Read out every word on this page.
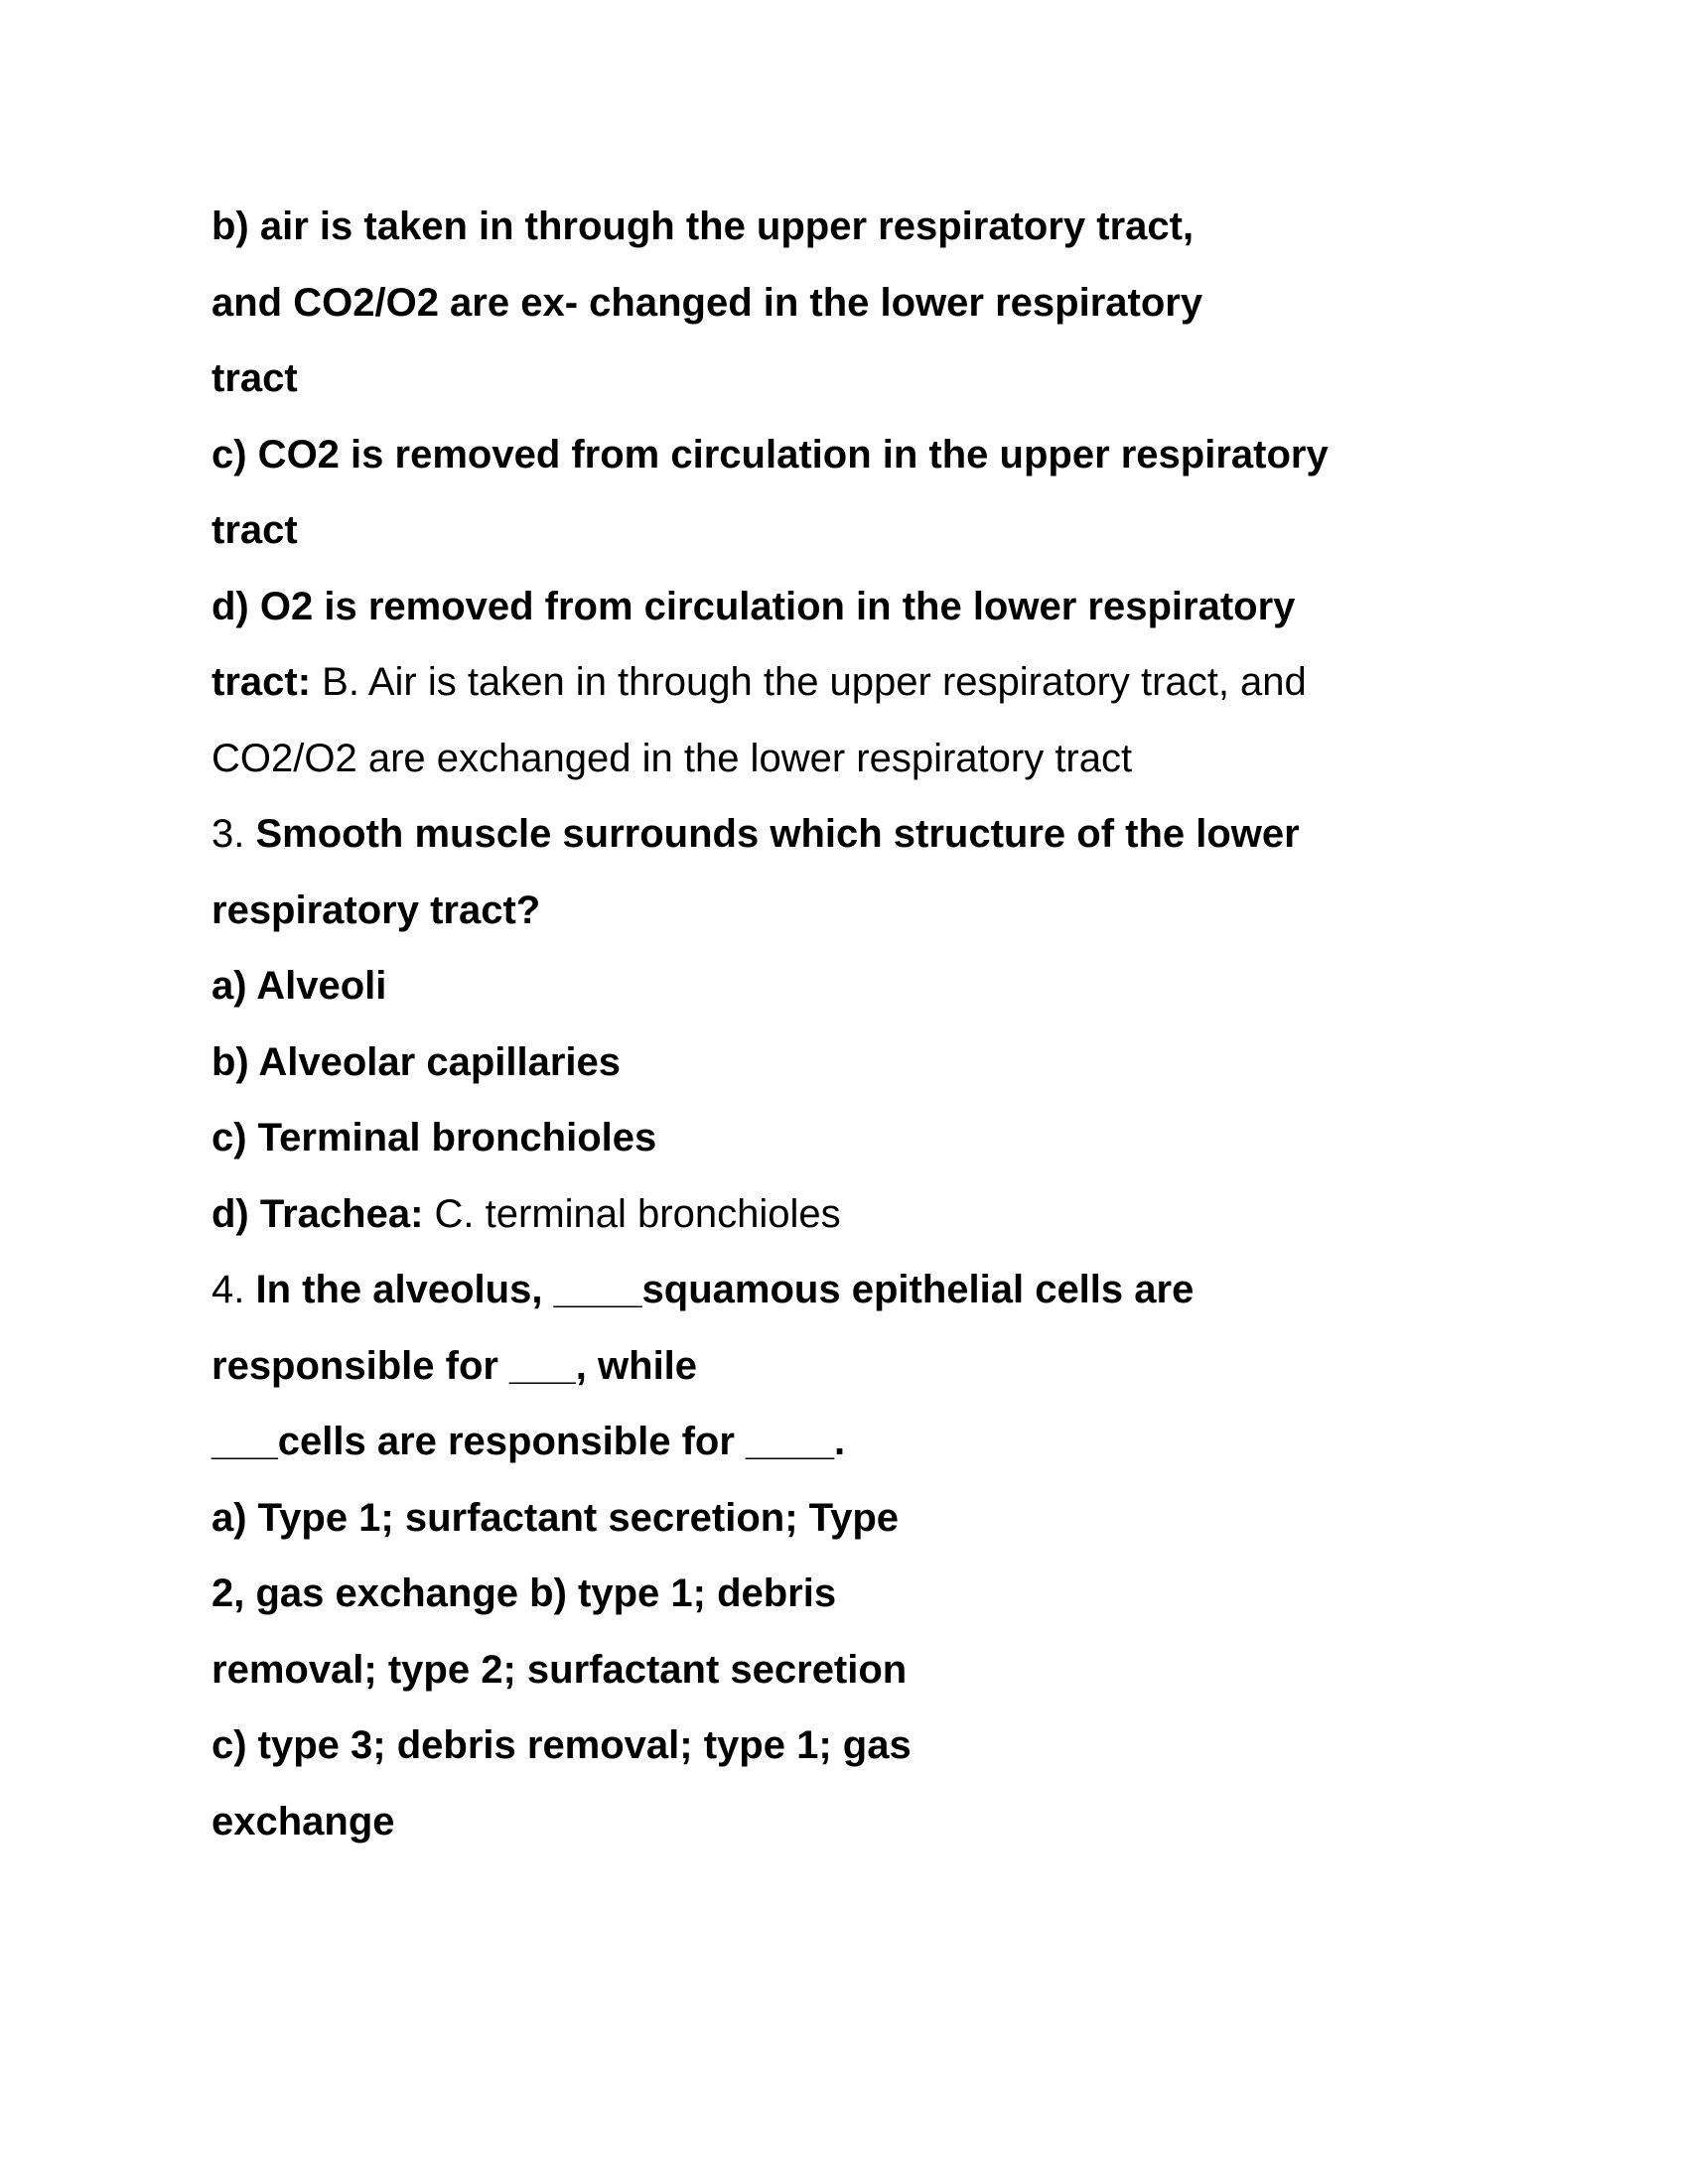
b) air is taken in through the upper respiratory tract,
and CO2/O2 are ex- changed in the lower respiratory
tract
c) CO2 is removed from circulation in the upper respiratory
tract
d) O2 is removed from circulation in the lower respiratory
tract: B. Air is taken in through the upper respiratory tract, and
CO2/O2 are exchanged in the lower respiratory tract
3. Smooth muscle surrounds which structure of the lower
respiratory tract?
a) Alveoli
b) Alveolar capillaries
c) Terminal bronchioles
d) Trachea: C. terminal bronchioles
4. In the alveolus, ____squamous epithelial cells are
responsible for ___, while
___cells are responsible for ____.
a) Type 1; surfactant secretion; Type
2, gas exchange b) type 1; debris
removal; type 2; surfactant secretion
c) type 3; debris removal; type 1; gas
exchange
